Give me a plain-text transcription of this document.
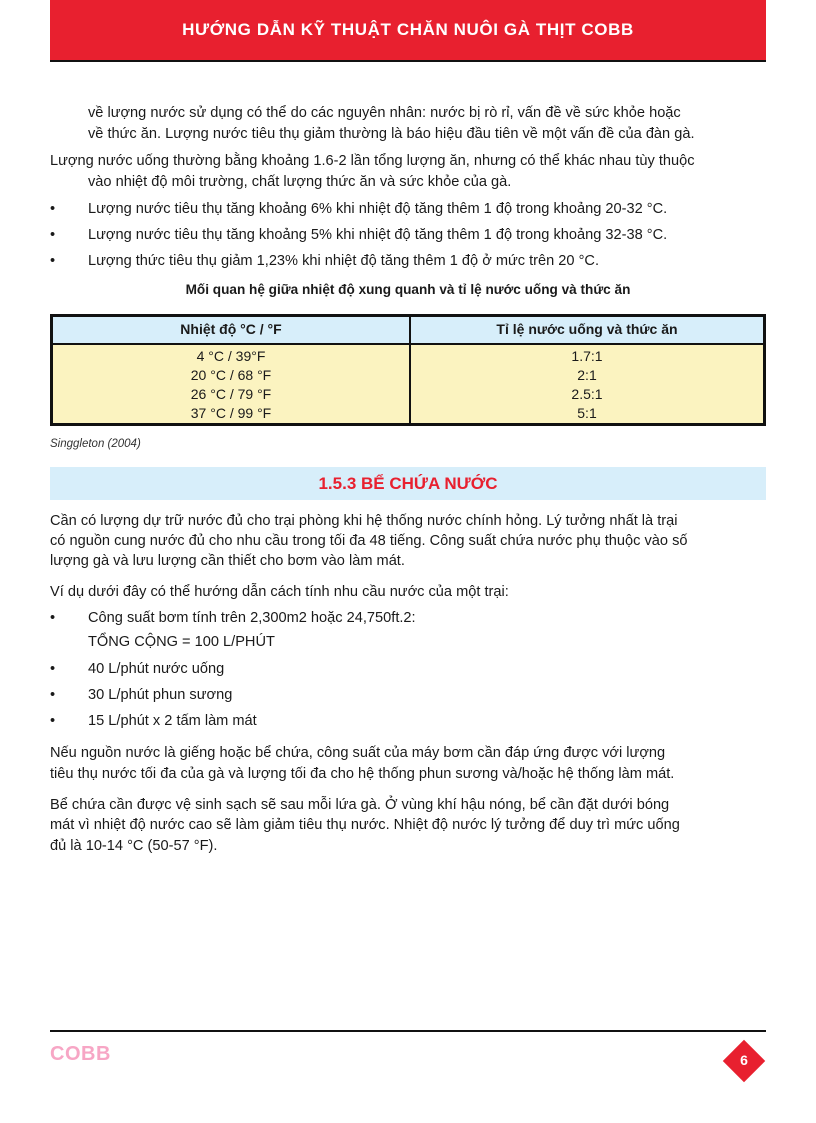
HƯỚNG DẪN KỸ THUẬT CHĂN NUÔI GÀ THỊT COBB

về lượng nước sử dụng có thể do các nguyên nhân: nước bị rò rỉ, vấn đề về sức khỏe hoặc

về thức ăn. Lượng nước tiêu thụ giảm thường là báo hiệu đầu tiên về một vấn đề của đàn gà.

Lượng nước uống thường bằng khoảng 1.6-2 lần tổng lượng ăn, nhưng có thể khác nhau tùy thuộc

vào nhiệt độ môi trường, chất lượng thức ăn và sức khỏe của gà.

• Lượng nước tiêu thụ tăng khoảng 6% khi nhiệt độ tăng thêm 1 độ trong khoảng 20-32 °C.
• Lượng nước tiêu thụ tăng khoảng 5% khi nhiệt độ tăng thêm 1 độ trong khoảng 32-38 °C.
• Lượng thức tiêu thụ giảm 1,23% khi nhiệt độ tăng thêm 1 độ ở mức trên 20 °C.
Mối quan hệ giữa nhiệt độ xung quanh và tỉ lệ nước uống và thức ăn
Nhiệt độ °C / °F	Tỉ lệ nước uống và thức ăn
4 °C / 39°F
20 °C / 68 °F
26 °C / 79 °F
37 °C / 99 °F
1.7:1
2:1
2.5:1
5:1
Singgleton (2004)
1.5.3 BỂ CHỨA NƯỚC

Cần có lượng dự trữ nước đủ cho trại phòng khi hệ thống nước chính hỏng. Lý tưởng nhất là trại

có nguồn cung nước đủ cho nhu cầu trong tối đa 48 tiếng. Công suất chứa nước phụ thuộc vào số

lượng gà và lưu lượng cần thiết cho bơm vào làm mát.

Ví dụ dưới đây có thể hướng dẫn cách tính nhu cầu nước của một trại:

• Công suất bơm tính trên 2,300m2 hoặc 24,750ft.2:

TỔNG CỘNG = 100 L/PHÚT

• 40 L/phút nước uống
• 30 L/phút phun sương
• 15 L/phút x 2 tấm làm mát

Nếu nguồn nước là giếng hoặc bể chứa, công suất của máy bơm cần đáp ứng được với lượng

tiêu thụ nước tối đa của gà và lượng tối đa cho hệ thống phun sương và/hoặc hệ thống làm mát.

Bể chứa cần được vệ sinh sạch sẽ sau mỗi lứa gà. Ở vùng khí hậu nóng, bể cần đặt dưới bóng

mát vì nhiệt độ nước cao sẽ làm giảm tiêu thụ nước. Nhiệt độ nước lý tưởng để duy trì mức uống

đủ là 10-14 °C (50-57 °F).

COBB	6
